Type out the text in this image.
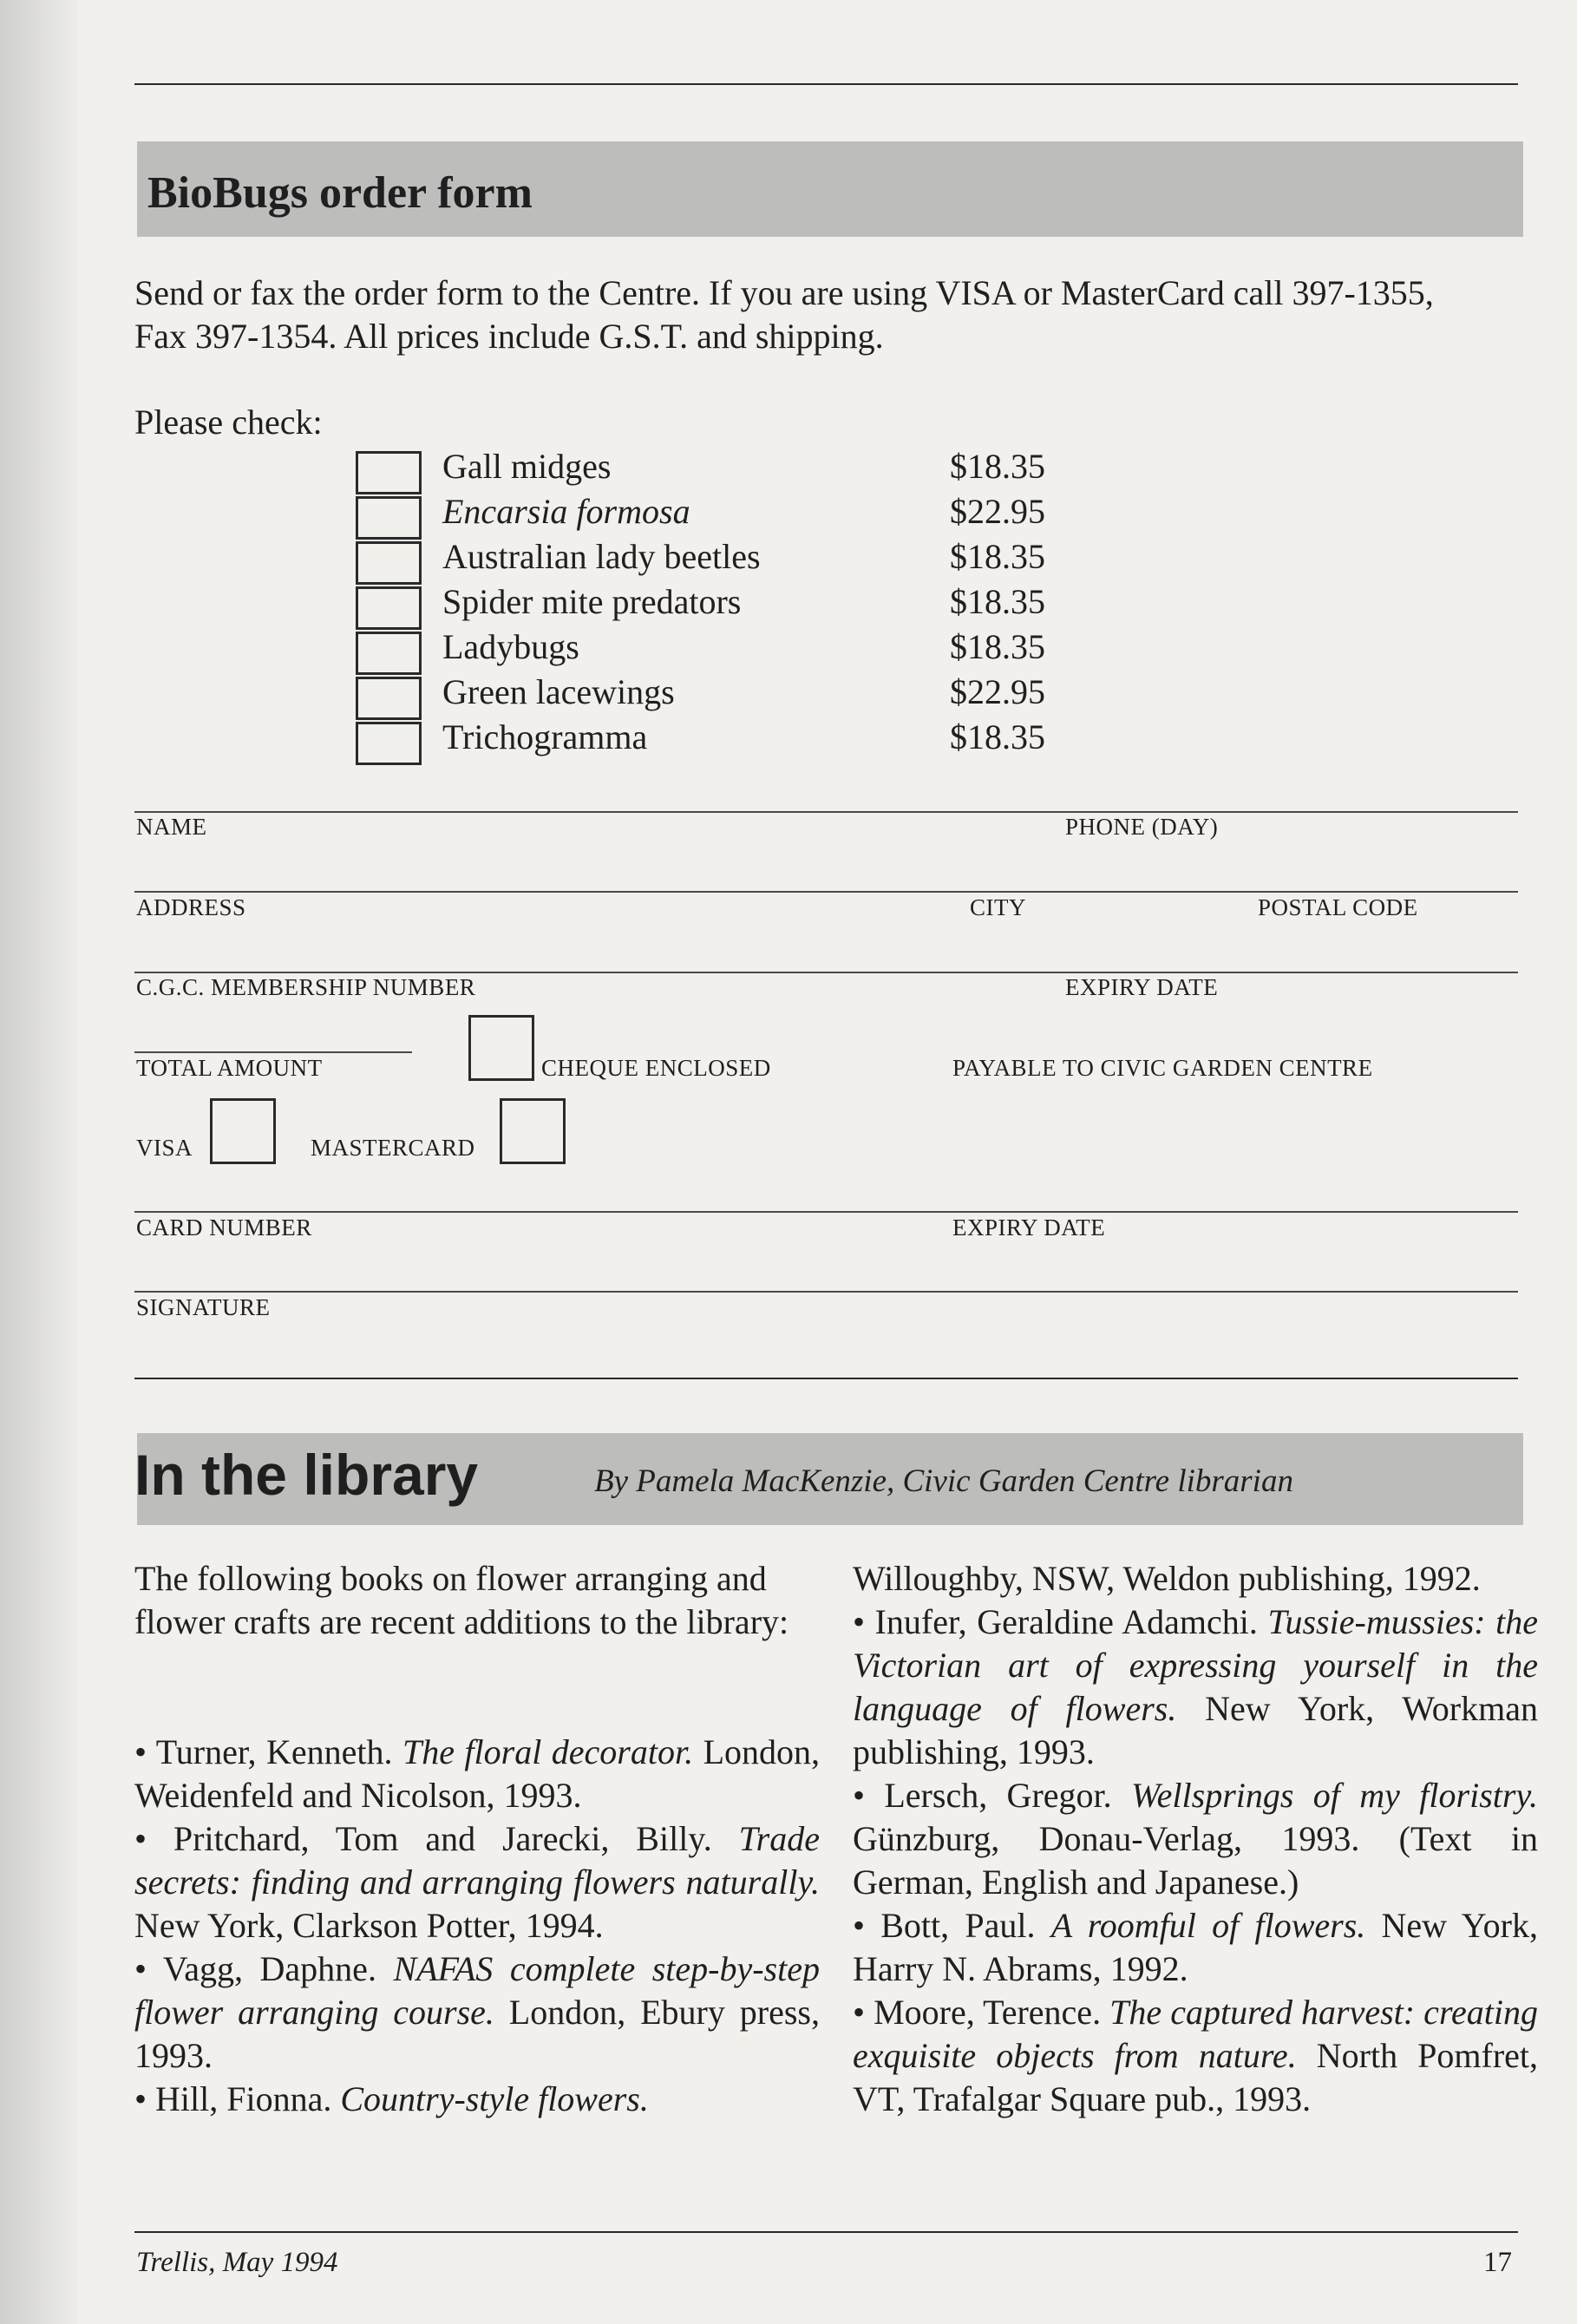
BioBugs order form
Send or fax the order form to the Centre. If you are using VISA or MasterCard call 397-1355,
Fax 397-1354. All prices include G.S.T. and shipping.
Please check:
Gall midges	$18.35
Encarsia formosa	$22.95
Australian lady beetles	$18.35
Spider mite predators	$18.35
Ladybugs	$18.35
Green lacewings	$22.95
Trichogramma	$18.35
NAME	PHONE (DAY)
ADDRESS	CITY	POSTAL CODE
C.G.C. MEMBERSHIP NUMBER	EXPIRY DATE
TOTAL AMOUNT	CHEQUE ENCLOSED	PAYABLE TO CIVIC GARDEN CENTRE
VISA	MASTERCARD
CARD NUMBER	EXPIRY DATE
SIGNATURE
In the library	By Pamela MacKenzie, Civic Garden Centre librarian

The following books on flower arranging and flower crafts are recent additions to the library:

• Turner, Kenneth. The floral decorator. London, Weidenfeld and Nicolson, 1993.

• Pritchard, Tom and Jarecki, Billy. Trade secrets: finding and arranging flowers naturally. New York, Clarkson Potter, 1994.

• Vagg, Daphne. NAFAS complete step-by-step flower arranging course. London, Ebury press, 1993.

• Hill, Fionna. Country-style flowers.

Willoughby, NSW, Weldon publishing, 1992.

• Inufer, Geraldine Adamchi. Tussie-mussies: the Victorian art of expressing yourself in the language of flowers. New York, Workman publishing, 1993.

• Lersch, Gregor. Wellsprings of my floristry. Günzburg, Donau-Verlag, 1993. (Text in German, English and Japanese.)

• Bott, Paul. A roomful of flowers. New York, Harry N. Abrams, 1992.

• Moore, Terence. The captured harvest: creating exquisite objects from nature. North Pomfret, VT, Trafalgar Square pub., 1993.

Trellis, May 1994	17
